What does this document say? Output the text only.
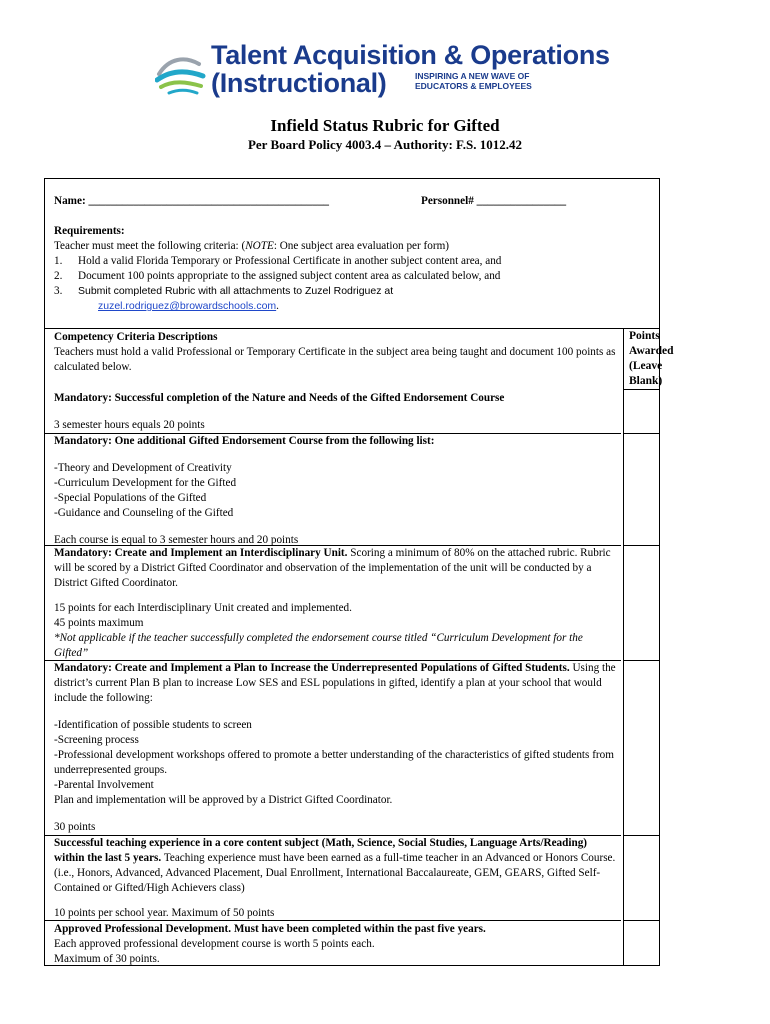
Talent Acquisition & Operations
(Instructional)	INSPIRING A NEW WAVE OF EDUCATORS & EMPLOYEES
Infield Status Rubric for Gifted
Per Board Policy 4003.4 – Authority: F.S. 1012.42
Name: ___________________________________________	Personnel# ________________

Requirements:

Teacher must meet the following criteria: (NOTE: One subject area evaluation per form)

1. Hold a valid Florida Temporary or Professional Certificate in another subject content area, and

2. Document 100 points appropriate to the assigned subject content area as calculated below, and

3. Submit completed Rubric with all attachments to Zuzel Rodriguez at

zuzel.rodriguez@browardschools.com.

Competency Criteria Descriptions

Teachers must hold a valid Professional or Temporary Certificate in the subject area being taught and document 100 points as calculated below.

Points Awarded (Leave Blank)

Mandatory: Successful completion of the Nature and Needs of the Gifted Endorsement Course

3 semester hours equals 20 points

Mandatory: One additional Gifted Endorsement Course from the following list:

-Theory and Development of Creativity

-Curriculum Development for the Gifted

-Special Populations of the Gifted

-Guidance and Counseling of the Gifted

Each course is equal to 3 semester hours and 20 points

Mandatory: Create and Implement an Interdisciplinary Unit. Scoring a minimum of 80% on the attached rubric. Rubric will be scored by a District Gifted Coordinator and observation of the implementation of the unit will be conducted by a District Gifted Coordinator.

15 points for each Interdisciplinary Unit created and implemented.

45 points maximum

*Not applicable if the teacher successfully completed the endorsement course titled “Curriculum Development for the Gifted”

Mandatory: Create and Implement a Plan to Increase the Underrepresented Populations of Gifted Students. Using the district’s current Plan B plan to increase Low SES and ESL populations in gifted, identify a plan at your school that would include the following:

-Identification of possible students to screen

-Screening process

-Professional development workshops offered to promote a better understanding of the characteristics of gifted students from underrepresented groups.

-Parental Involvement

Plan and implementation will be approved by a District Gifted Coordinator.

30 points

Successful teaching experience in a core content subject (Math, Science, Social Studies, Language Arts/Reading) within the last 5 years. Teaching experience must have been earned as a full-time teacher in an Advanced or Honors Course. (i.e., Honors, Advanced, Advanced Placement, Dual Enrollment, International Baccalaureate, GEM, GEARS, Gifted Self-Contained or Gifted/High Achievers class)

10 points per school year. Maximum of 50 points

Approved Professional Development. Must have been completed within the past five years.

Each approved professional development course is worth 5 points each.

Maximum of 30 points.
